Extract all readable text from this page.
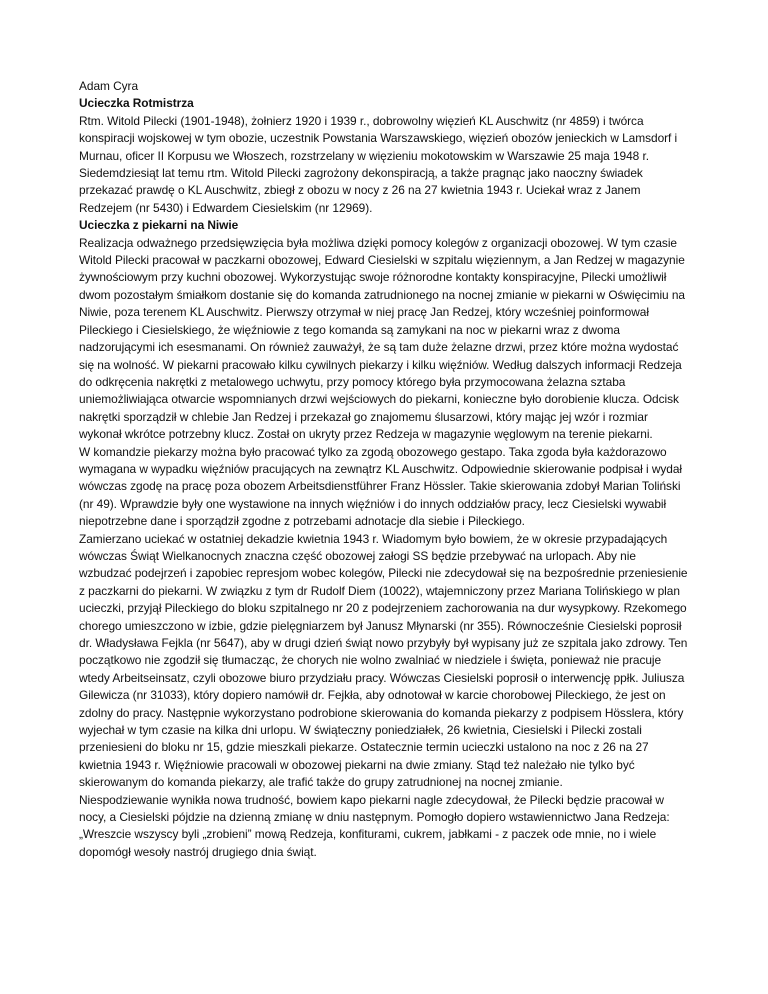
Adam Cyra

Ucieczka Rotmistrza

Rtm. Witold Pilecki (1901-1948), żołnierz 1920 i 1939 r., dobrowolny więzień KL Auschwitz (nr 4859) i twórca konspiracji wojskowej w tym obozie, uczestnik Powstania Warszawskiego, więzień obozów jenieckich w Lamsdorf i Murnau, oficer II Korpusu we Włoszech, rozstrzelany w więzieniu mokotowskim w Warszawie 25 maja 1948 r.

Siedemdziesiąt lat temu rtm. Witold Pilecki zagrożony dekonspiracją, a także pragnąc jako naoczny świadek przekazać prawdę o KL Auschwitz, zbiegł z obozu w nocy z 26 na 27 kwietnia 1943 r. Uciekał wraz z Janem Redzejem (nr 5430) i Edwardem Ciesielskim (nr 12969).

Ucieczka z piekarni na Niwie

Realizacja odważnego przedsięwzięcia była możliwa dzięki pomocy kolegów z organizacji obozowej. W tym czasie Witold Pilecki pracował w paczkarni obozowej, Edward Ciesielski w szpitalu więziennym, a Jan Redzej w magazynie żywnościowym przy kuchni obozowej. Wykorzystując swoje różnorodne kontakty konspiracyjne, Pilecki umożliwił dwom pozostałym śmiałkom dostanie się do komanda zatrudnionego na nocnej zmianie w piekarni w Oświęcimiu na Niwie, poza terenem KL Auschwitz. Pierwszy otrzymał w niej pracę Jan Redzej, który wcześniej poinformował Pileckiego i Ciesielskiego, że więźniowie z tego komanda są zamykani na noc w piekarni wraz z dwoma nadzorującymi ich esesmanami. On również zauważył, że są tam duże żelazne drzwi, przez które można wydostać się na wolność. W piekarni pracowało kilku cywilnych piekarzy i kilku więźniów. Według dalszych informacji Redzeja do odkręcenia nakrętki z metalowego uchwytu, przy pomocy którego była przymocowana żelazna sztaba uniemożliwiająca otwarcie wspomnianych drzwi wejściowych do piekarni, konieczne było dorobienie klucza. Odcisk nakrętki sporządził w chlebie Jan Redzej i przekazał go znajomemu ślusarzowi, który mając jej wzór i rozmiar wykonał wkrótce potrzebny klucz. Został on ukryty przez Redzeja w magazynie węglowym na terenie piekarni.

W komandzie piekarzy można było pracować tylko za zgodą obozowego gestapo. Taka zgoda była każdorazowo wymagana w wypadku więźniów pracujących na zewnątrz KL Auschwitz. Odpowiednie skierowanie podpisał i wydał wówczas zgodę na pracę poza obozem Arbeitsdienstführer Franz Hössler. Takie skierowania zdobył Marian Toliński (nr 49). Wprawdzie były one wystawione na innych więźniów i do innych oddziałów pracy, lecz Ciesielski wywabił niepotrzebne dane i sporządził zgodne z potrzebami adnotacje dla siebie i Pileckiego.

Zamierzano uciekać w ostatniej dekadzie kwietnia 1943 r. Wiadomym było bowiem, że w okresie przypadających wówczas Świąt Wielkanocnych znaczna część obozowej załogi SS będzie przebywać na urlopach. Aby nie wzbudzać podejrzeń i zapobiec represjom wobec kolegów, Pilecki nie zdecydował się na bezpośrednie przeniesienie z paczkarni do piekarni. W związku z tym dr Rudolf Diem (10022), wtajemniczony przez Mariana Tolińskiego w plan ucieczki, przyjął Pileckiego do bloku szpitalnego nr 20 z podejrzeniem zachorowania na dur wysypkowy. Rzekomego chorego umieszczono w izbie, gdzie pielęgniarzem był Janusz Młynarski (nr 355). Równocześnie Ciesielski poprosił dr. Władysława Fejkla (nr 5647), aby w drugi dzień świąt nowo przybyły był wypisany już ze szpitala jako zdrowy. Ten początkowo nie zgodził się tłumacząc, że chorych nie wolno zwalniać w niedziele i święta, ponieważ nie pracuje wtedy Arbeitseinsatz, czyli obozowe biuro przydziału pracy. Wówczas Ciesielski poprosił o interwencję ppłk. Juliusza Gilewicza (nr 31033), który dopiero namówił dr. Fejkła, aby odnotował w karcie chorobowej Pileckiego, że jest on zdolny do pracy. Następnie wykorzystano podrobione skierowania do komanda piekarzy z podpisem Hösslera, który wyjechał w tym czasie na kilka dni urlopu. W świąteczny poniedziałek, 26 kwietnia, Ciesielski i Pilecki zostali przeniesieni do bloku nr 15, gdzie mieszkali piekarze. Ostatecznie termin ucieczki ustalono na noc z 26 na 27 kwietnia 1943 r. Więźniowie pracowali w obozowej piekarni na dwie zmiany. Stąd też należało nie tylko być skierowanym do komanda piekarzy, ale trafić także do grupy zatrudnionej na nocnej zmianie.

Niespodziewanie wynikła nowa trudność, bowiem kapo piekarni nagle zdecydował, że Pilecki będzie pracował w nocy, a Ciesielski pójdzie na dzienną zmianę w dniu następnym. Pomogło dopiero wstawiennictwo Jana Redzeja: „Wreszcie wszyscy byli „zrobieni” mową Redzeja, konfiturami, cukrem, jabłkami - z paczek ode mnie, no i wiele dopomógł wesoły nastrój drugiego dnia świąt.
